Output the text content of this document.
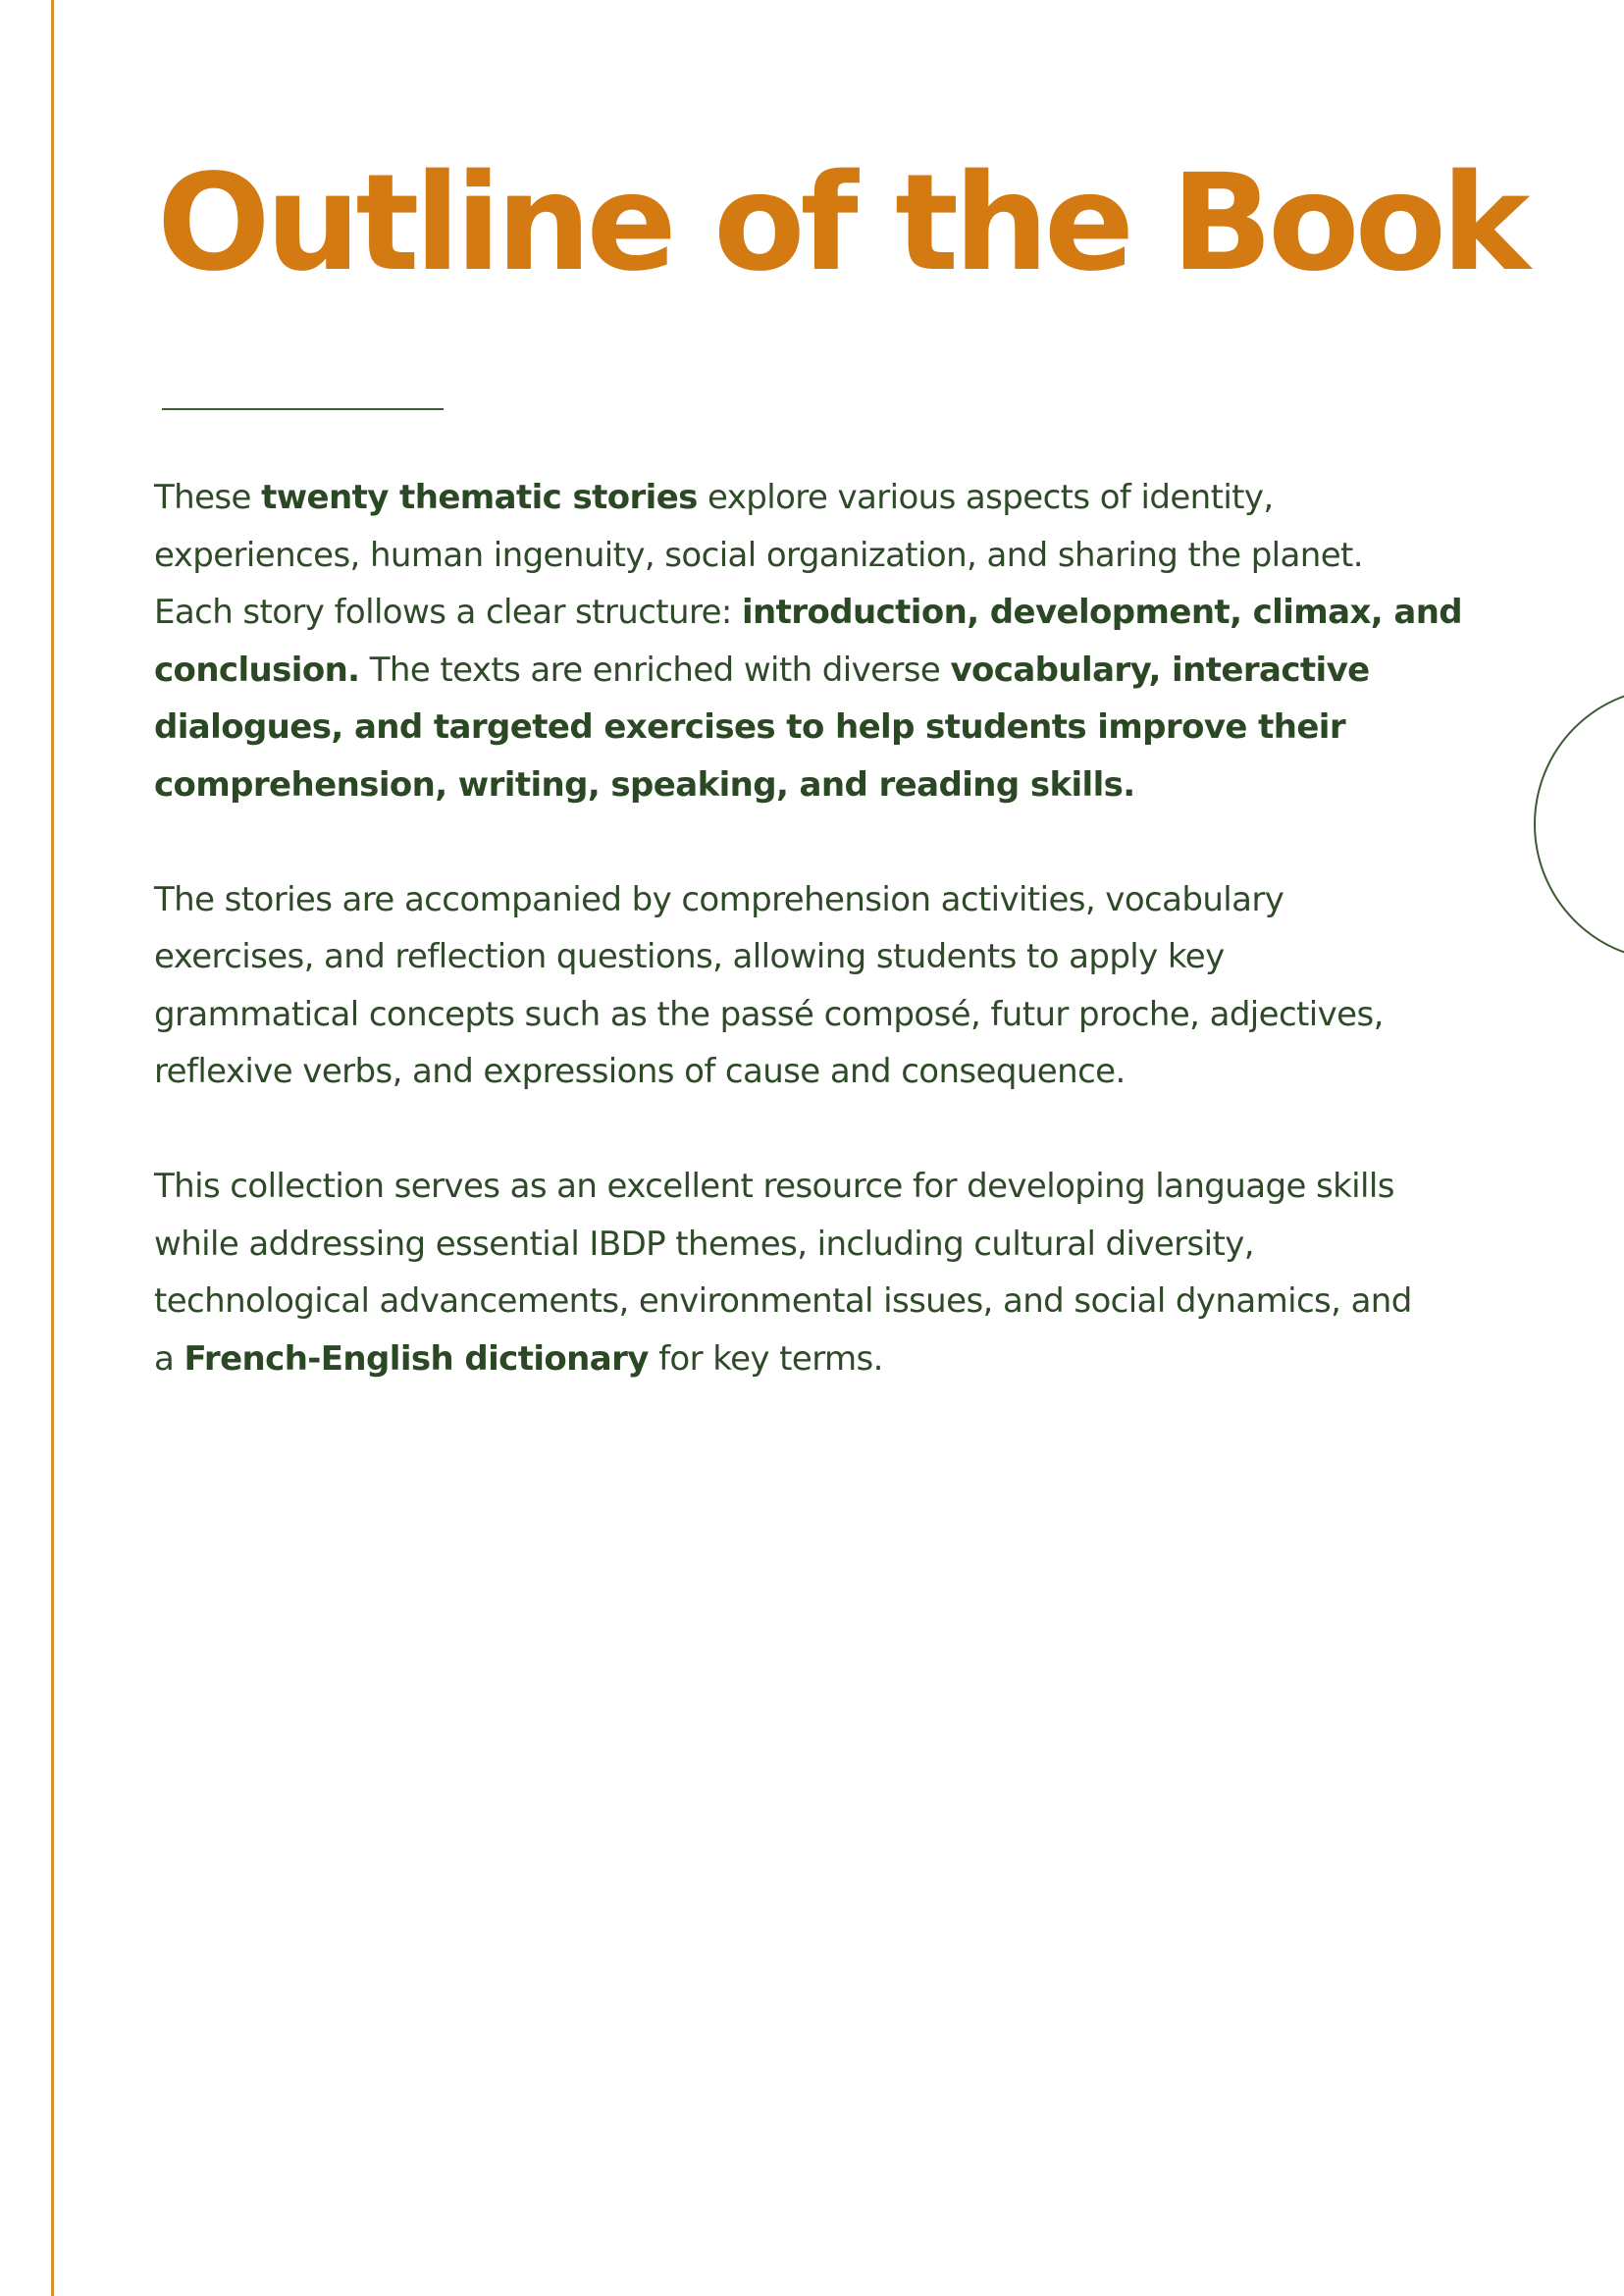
Outline of the Book

These twenty thematic stories explore various aspects of identity,
experiences, human ingenuity, social organization, and sharing the planet.
Each story follows a clear structure: introduction, development, climax, and
conclusion. The texts are enriched with diverse vocabulary, interactive
dialogues, and targeted exercises to help students improve their
comprehension, writing, speaking, and reading skills.

The stories are accompanied by comprehension activities, vocabulary
exercises, and reflection questions, allowing students to apply key
grammatical concepts such as the passé composé, futur proche, adjectives,
reflexive verbs, and expressions of cause and consequence.

This collection serves as an excellent resource for developing language skills
while addressing essential IBDP themes, including cultural diversity,
technological advancements, environmental issues, and social dynamics, and
a French-English dictionary for key terms.
